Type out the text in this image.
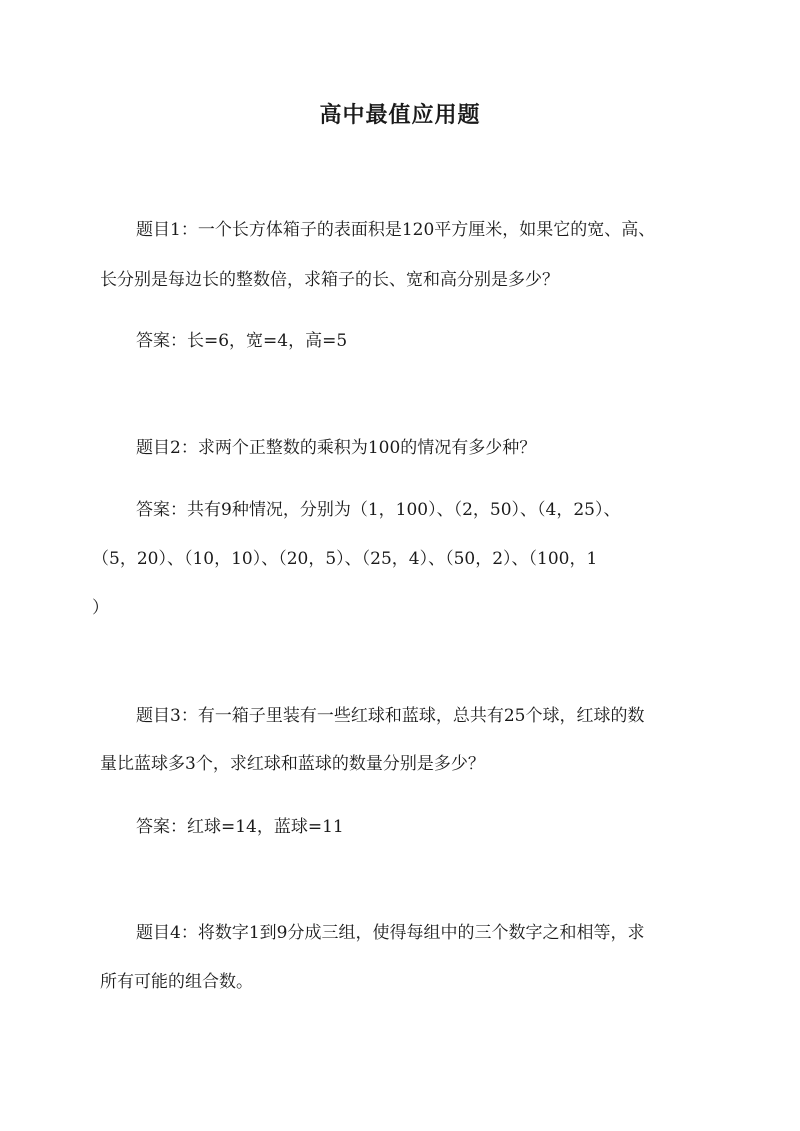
高中最值应用题
题目1：一个长方体箱子的表面积是120平方厘米，如果它的宽、高、
长分别是每边长的整数倍，求箱子的长、宽和高分别是多少？
答案：长=6，宽=4，高=5
题目2：求两个正整数的乘积为100的情况有多少种？
答案：共有9种情况，分别为（1，100）、（2，50）、（4，25）、
（5，20）、（10，10）、（20，5）、（25，4）、（50，2）、（100，1
）
题目3：有一箱子里装有一些红球和蓝球，总共有25个球，红球的数
量比蓝球多3个，求红球和蓝球的数量分别是多少？
答案：红球=14，蓝球=11
题目4：将数字1到9分成三组，使得每组中的三个数字之和相等，求
所有可能的组合数。
